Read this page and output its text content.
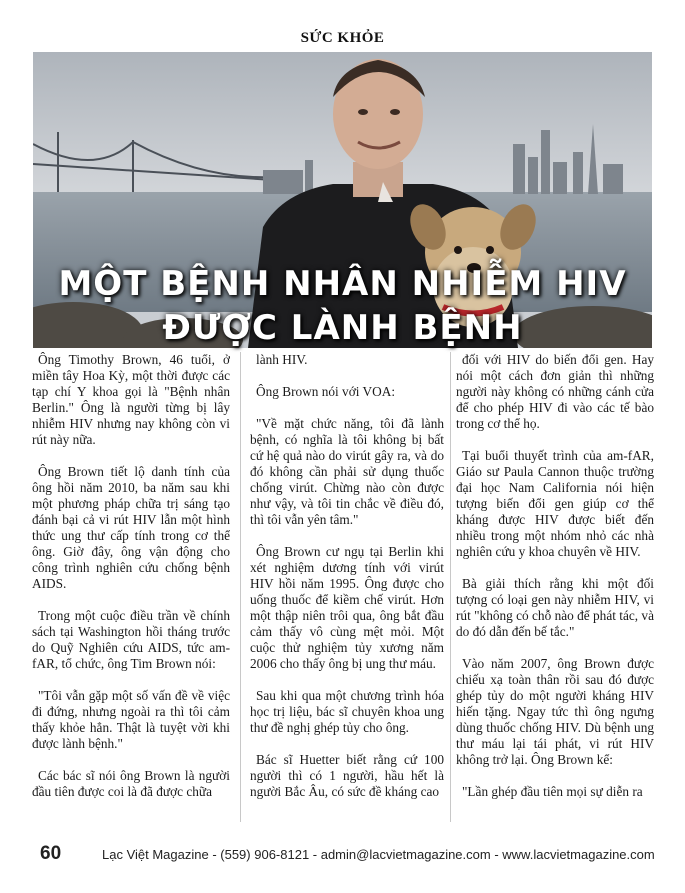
SỨC KHỎE
MỘT BỆNH NHÂN NHIỄM HIV
ĐƯỢC LÀNH BỆNH

Ông Timothy Brown, 46 tuổi, ở miền tây Hoa Kỳ, một thời được các tạp chí Y khoa gọi là "Bệnh nhân Berlin." Ông là người từng bị lây nhiễm HIV nhưng nay không còn vi rút này nữa.

Ông Brown tiết lộ danh tính của ông hồi năm 2010, ba năm sau khi một phương pháp chữa trị sáng tạo đánh bại cả vi rút HIV lẫn một hình thức ung thư cấp tính trong cơ thể ông. Giờ đây, ông vận động cho công trình nghiên cứu chống bệnh AIDS.

Trong một cuộc điều trần về chính sách tại Washington hồi tháng trước do Quỹ Nghiên cứu AIDS, tức am-fAR, tổ chức, ông Tim Brown nói:

"Tôi vẫn gặp một số vấn đề về việc đi đứng, nhưng ngoài ra thì tôi cảm thấy khỏe hẳn. Thật là tuyệt vời khi được lành bệnh."

Các bác sĩ nói ông Brown là người đầu tiên được coi là đã được chữa

lành HIV.

Ông Brown nói với VOA:

"Về mặt chức năng, tôi đã lành bệnh, có nghĩa là tôi không bị bất cứ hệ quả nào do virút gây ra, và do đó không cần phải sử dụng thuốc chống virút. Chừng nào còn được như vậy, và tôi tin chắc về điều đó, thì tôi vẫn yên tâm."

Ông Brown cư ngụ tại Berlin khi xét nghiệm dương tính với virút HIV hồi năm 1995. Ông được cho uống thuốc để kiềm chế virút. Hơn một thập niên trôi qua, ông bắt đầu cảm thấy vô cùng mệt mỏi. Một cuộc thử nghiệm tủy xương năm 2006 cho thấy ông bị ung thư máu.

Sau khi qua một chương trình hóa học trị liệu, bác sĩ chuyên khoa ung thư đề nghị ghép tủy cho ông.

Bác sĩ Huetter biết rằng cứ 100 người thì có 1 người, hầu hết là người Bắc Âu, có sức đề kháng cao

đối với HIV do biến đổi gen. Hay nói một cách đơn giản thì những người này không có những cánh cửa để cho phép HIV đi vào các tế bào trong cơ thể họ.

Tại buổi thuyết trình của am-fAR, Giáo sư Paula Cannon thuộc trường đại học Nam California nói hiện tượng biến đổi gen giúp cơ thể kháng được HIV được biết đến nhiều trong một nhóm nhỏ các nhà nghiên cứu y khoa chuyên về HIV.

Bà giải thích rằng khi một đối tượng có loại gen này nhiễm HIV, vi rút "không có chỗ nào để phát tác, và do đó dẫn đến bế tắc."

Vào năm 2007, ông Brown được chiếu xạ toàn thân rồi sau đó được ghép tủy do một người kháng HIV hiến tặng. Ngay tức thì ông ngưng dùng thuốc chống HIV. Dù bệnh ung thư máu lại tái phát, vi rút HIV không trở lại. Ông Brown kể:

"Lần ghép đầu tiên mọi sự diễn ra

60	Lạc Việt Magazine - (559) 906-8121 - admin@lacvietmagazine.com - www.lacvietmagazine.com
